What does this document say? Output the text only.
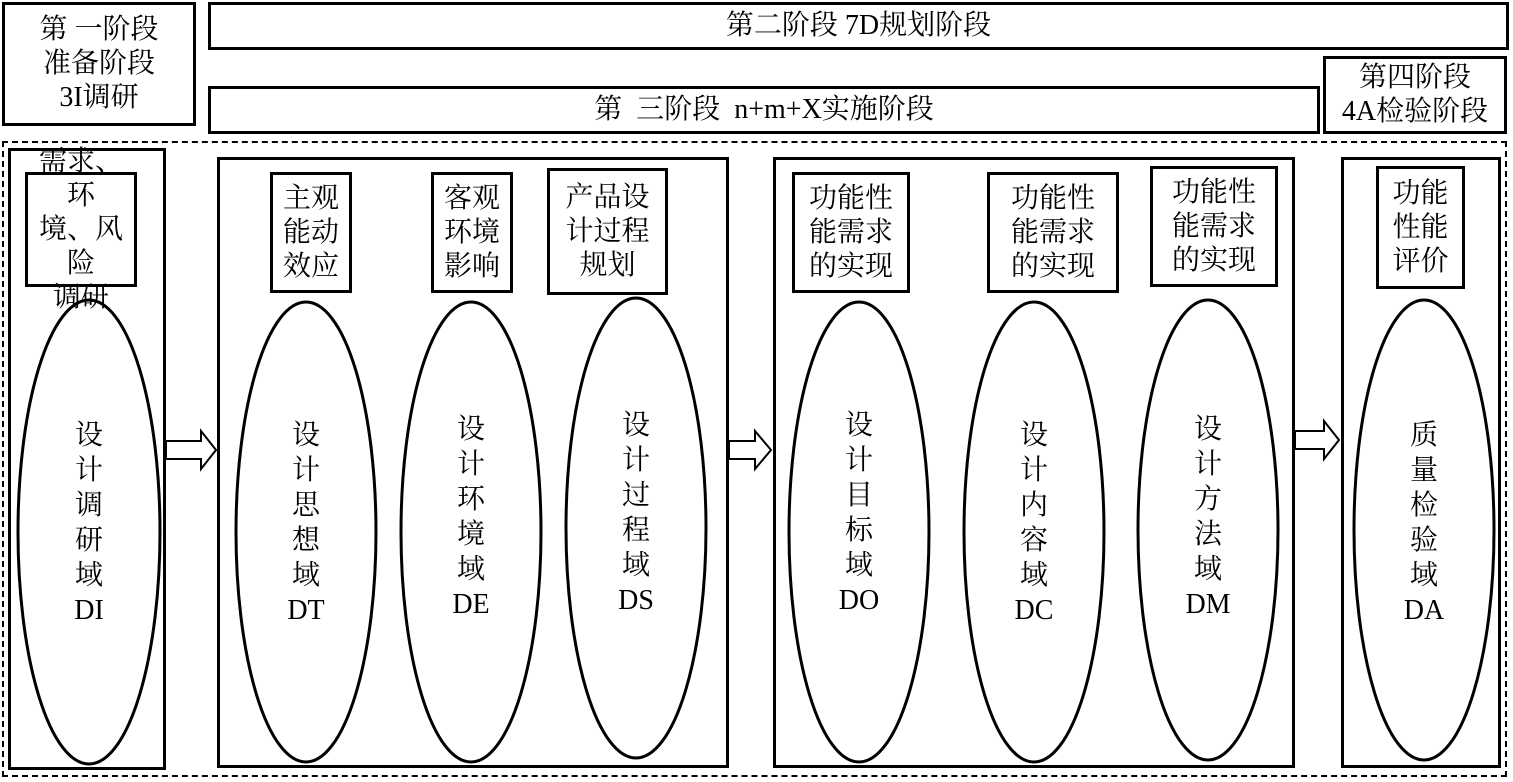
第 一阶段
准备阶段
3I调研
第二阶段 7D规划阶段
第  三阶段  n+m+X实施阶段
第四阶段
4A检验阶段
需求、环
境、风险
调研
主观
能动
效应
客观
环境
影响
产品设
计过程
规划
功能性
能需求
的实现
功能性
能需求
的实现
功能性
能需求
的实现
功能
性能
评价
设
计
调
研
域
DI
设
计
思
想
域
DT
设
计
环
境
域
DE
设
计
过
程
域
DS
设
计
目
标
域
DO
设
计
内
容
域
DC
设
计
方
法
域
DM
质
量
检
验
域
DA
